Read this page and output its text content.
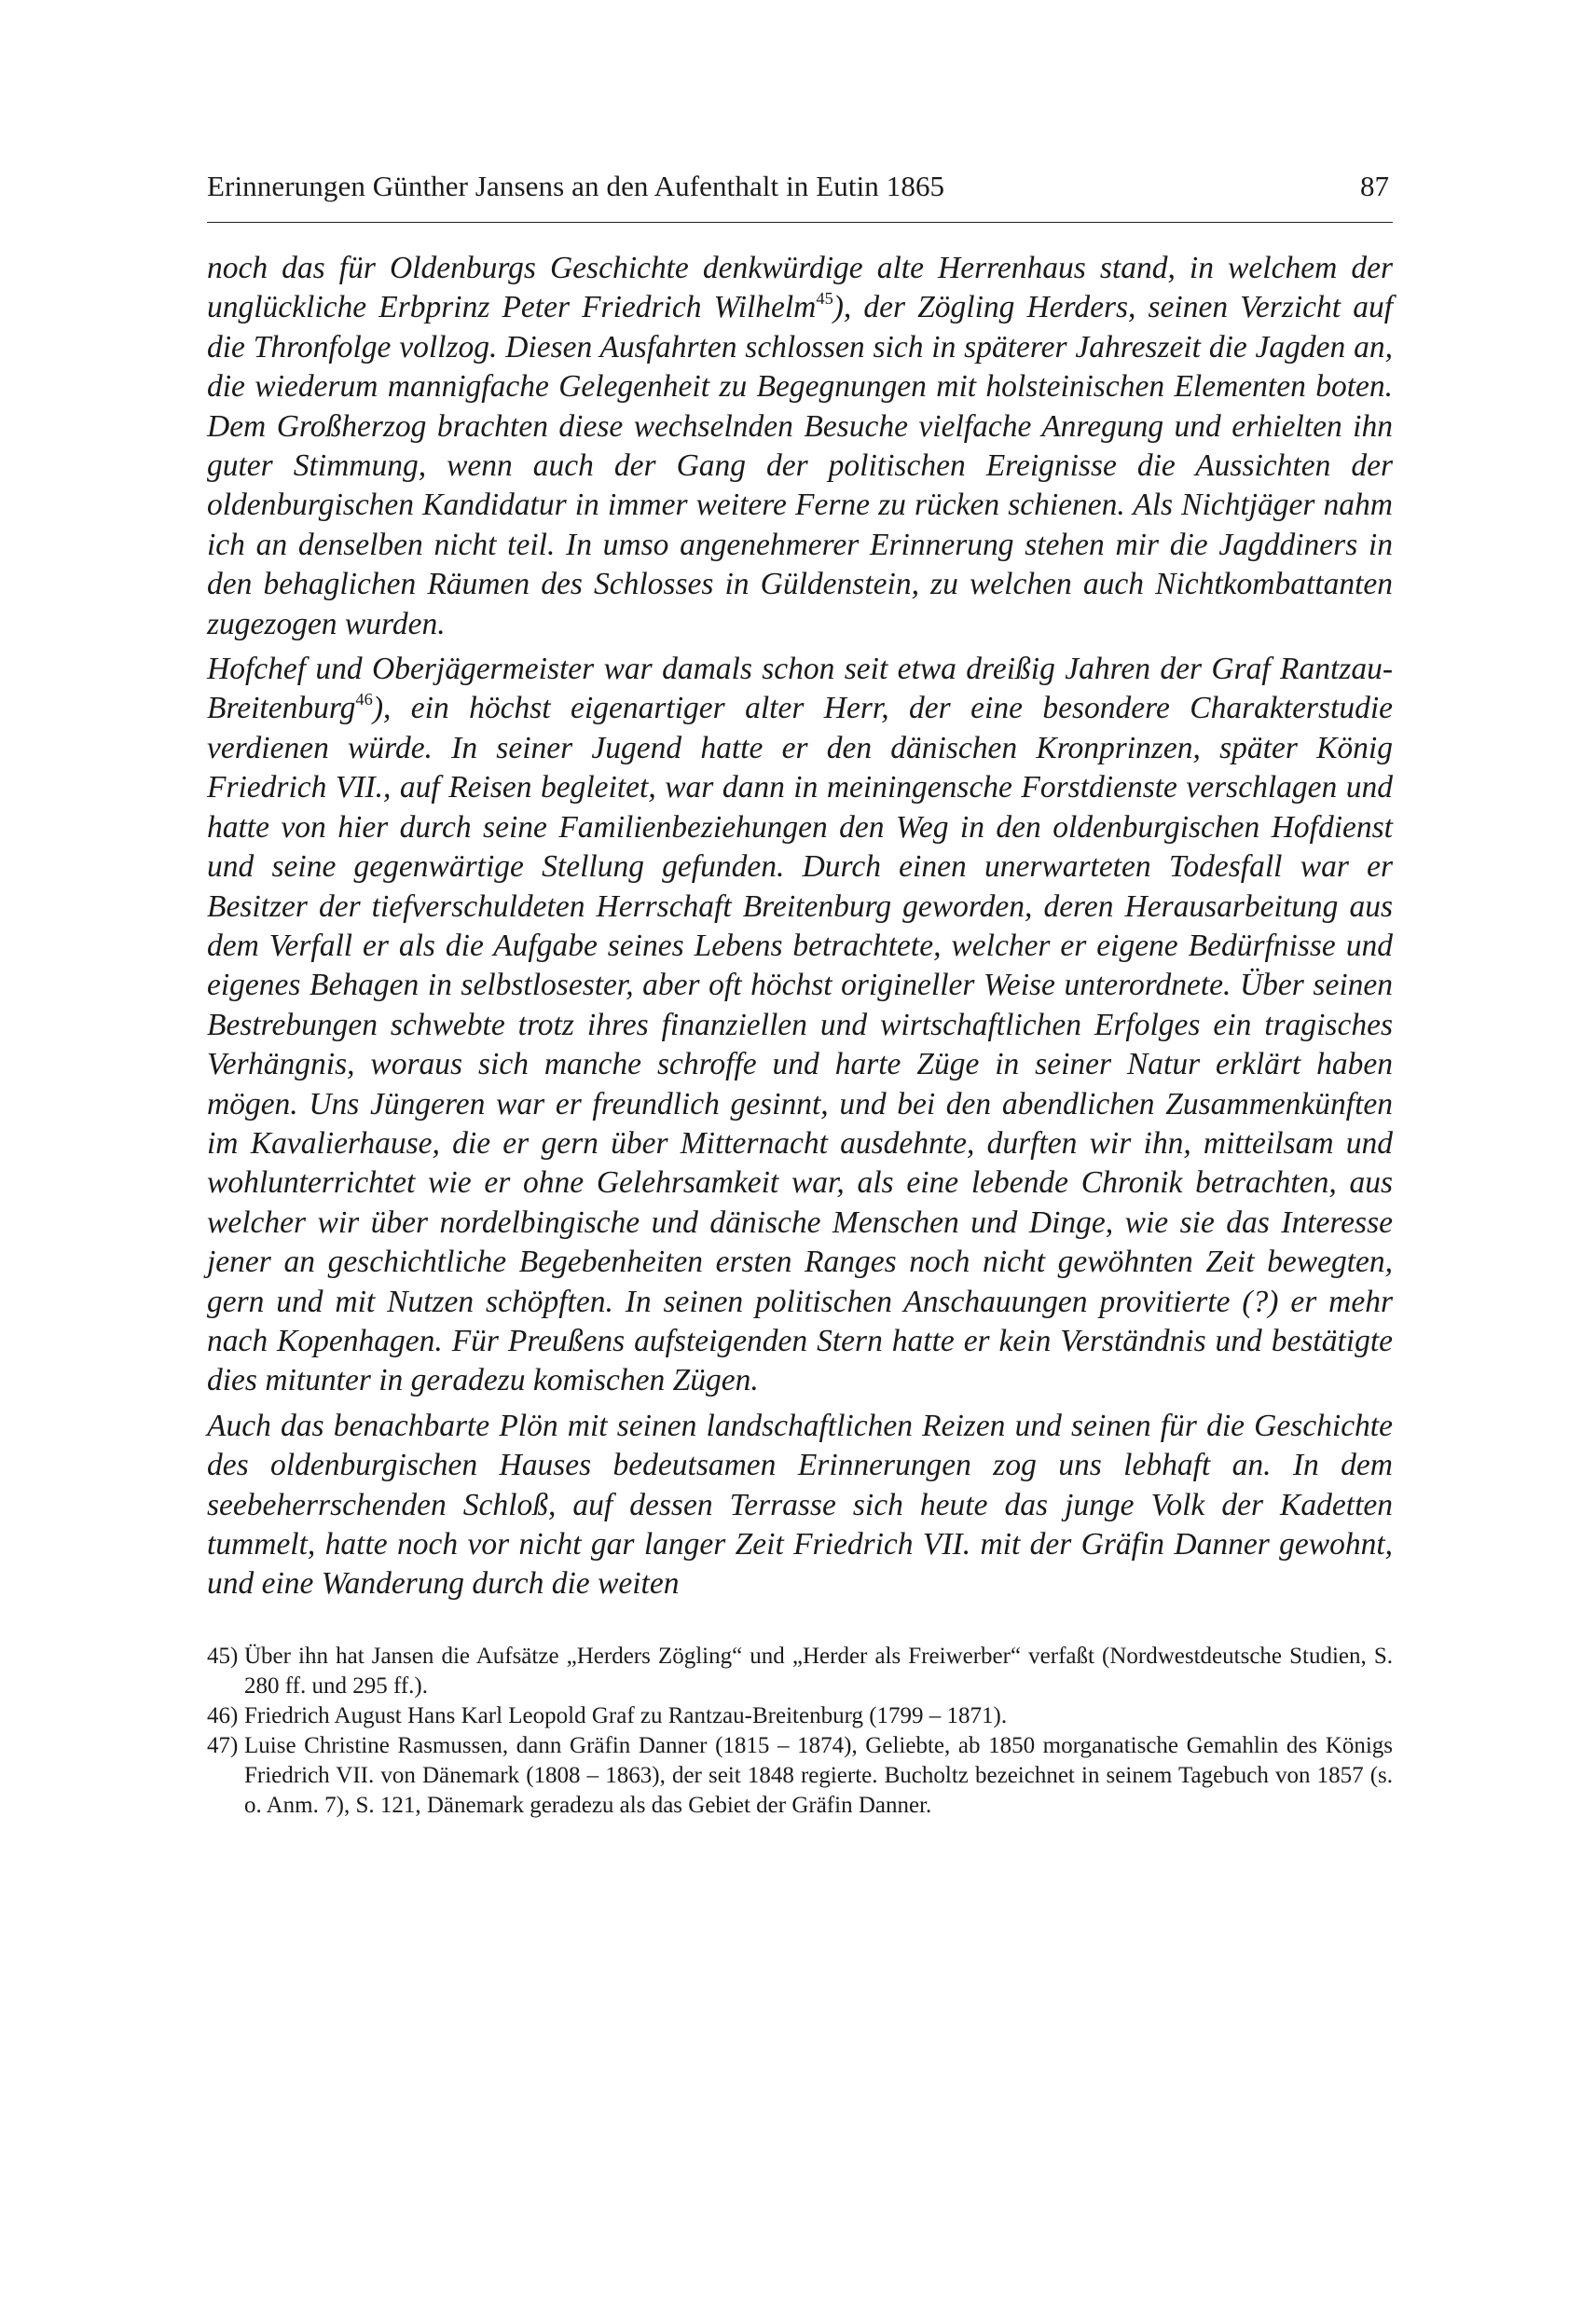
Erinnerungen Günther Jansens an den Aufenthalt in Eutin 1865	87

noch das für Oldenburgs Geschichte denkwürdige alte Herrenhaus stand, in welchem der unglückliche Erbprinz Peter Friedrich Wilhelm$^{45}$), der Zögling Herders, seinen Verzicht auf die Thronfolge vollzog. Diesen Ausfahrten schlossen sich in späterer Jahreszeit die Jagden an, die wiederum mannigfache Gelegenheit zu Begegnungen mit holsteinischen Elementen boten. Dem Großherzog brachten diese wechselnden Besuche vielfache Anregung und erhielten ihn guter Stimmung, wenn auch der Gang der politischen Ereignisse die Aussichten der oldenburgischen Kandidatur in immer weitere Ferne zu rücken schienen. Als Nichtjäger nahm ich an denselben nicht teil. In umso angenehmerer Erinnerung stehen mir die Jagddiners in den behaglichen Räumen des Schlosses in Güldenstein, zu welchen auch Nichtkombattanten zugezogen wurden.

Hofchef und Oberjägermeister war damals schon seit etwa dreißig Jahren der Graf Rantzau-Breitenburg$^{46}$), ein höchst eigenartiger alter Herr, der eine besondere Charakterstudie verdienen würde. In seiner Jugend hatte er den dänischen Kronprinzen, später König Friedrich VII., auf Reisen begleitet, war dann in meiningensche Forstdienste verschlagen und hatte von hier durch seine Familienbeziehungen den Weg in den oldenburgischen Hofdienst und seine gegenwärtige Stellung gefunden. Durch einen unerwarteten Todesfall war er Besitzer der tiefverschuldeten Herrschaft Breitenburg geworden, deren Herausarbeitung aus dem Verfall er als die Aufgabe seines Lebens betrachtete, welcher er eigene Bedürfnisse und eigenes Behagen in selbstlosester, aber oft höchst origineller Weise unterordnete. Über seinen Bestrebungen schwebte trotz ihres finanziellen und wirtschaftlichen Erfolges ein tragisches Verhängnis, woraus sich manche schroffe und harte Züge in seiner Natur erklärt haben mögen. Uns Jüngeren war er freundlich gesinnt, und bei den abendlichen Zusammenkünften im Kavalierhause, die er gern über Mitternacht ausdehnte, durften wir ihn, mitteilsam und wohlunterrichtet wie er ohne Gelehrsamkeit war, als eine lebende Chronik betrachten, aus welcher wir über nordelbingische und dänische Menschen und Dinge, wie sie das Interesse jener an geschichtliche Begebenheiten ersten Ranges noch nicht gewöhnten Zeit bewegten, gern und mit Nutzen schöpften. In seinen politischen Anschauungen provitierte (?) er mehr nach Kopenhagen. Für Preußens aufsteigenden Stern hatte er kein Verständnis und bestätigte dies mitunter in geradezu komischen Zügen.

Auch das benachbarte Plön mit seinen landschaftlichen Reizen und seinen für die Geschichte des oldenburgischen Hauses bedeutsamen Erinnerungen zog uns lebhaft an. In dem seebeherrschenden Schloß, auf dessen Terrasse sich heute das junge Volk der Kadetten tummelt, hatte noch vor nicht gar langer Zeit Friedrich VII. mit der Gräfin Danner gewohnt, und eine Wanderung durch die weiten

45) Über ihn hat Jansen die Aufsätze „Herders Zögling“ und „Herder als Freiwerber“ verfaßt (Nordwestdeutsche Studien, S. 280 ff. und 295 ff.).

46) Friedrich August Hans Karl Leopold Graf zu Rantzau-Breitenburg (1799 – 1871).

47) Luise Christine Rasmussen, dann Gräfin Danner (1815 – 1874), Geliebte, ab 1850 morganatische Gemahlin des Königs Friedrich VII. von Dänemark (1808 – 1863), der seit 1848 regierte. Bucholtz bezeichnet in seinem Tagebuch von 1857 (s. o. Anm. 7), S. 121, Dänemark geradezu als das Gebiet der Gräfin Danner.
